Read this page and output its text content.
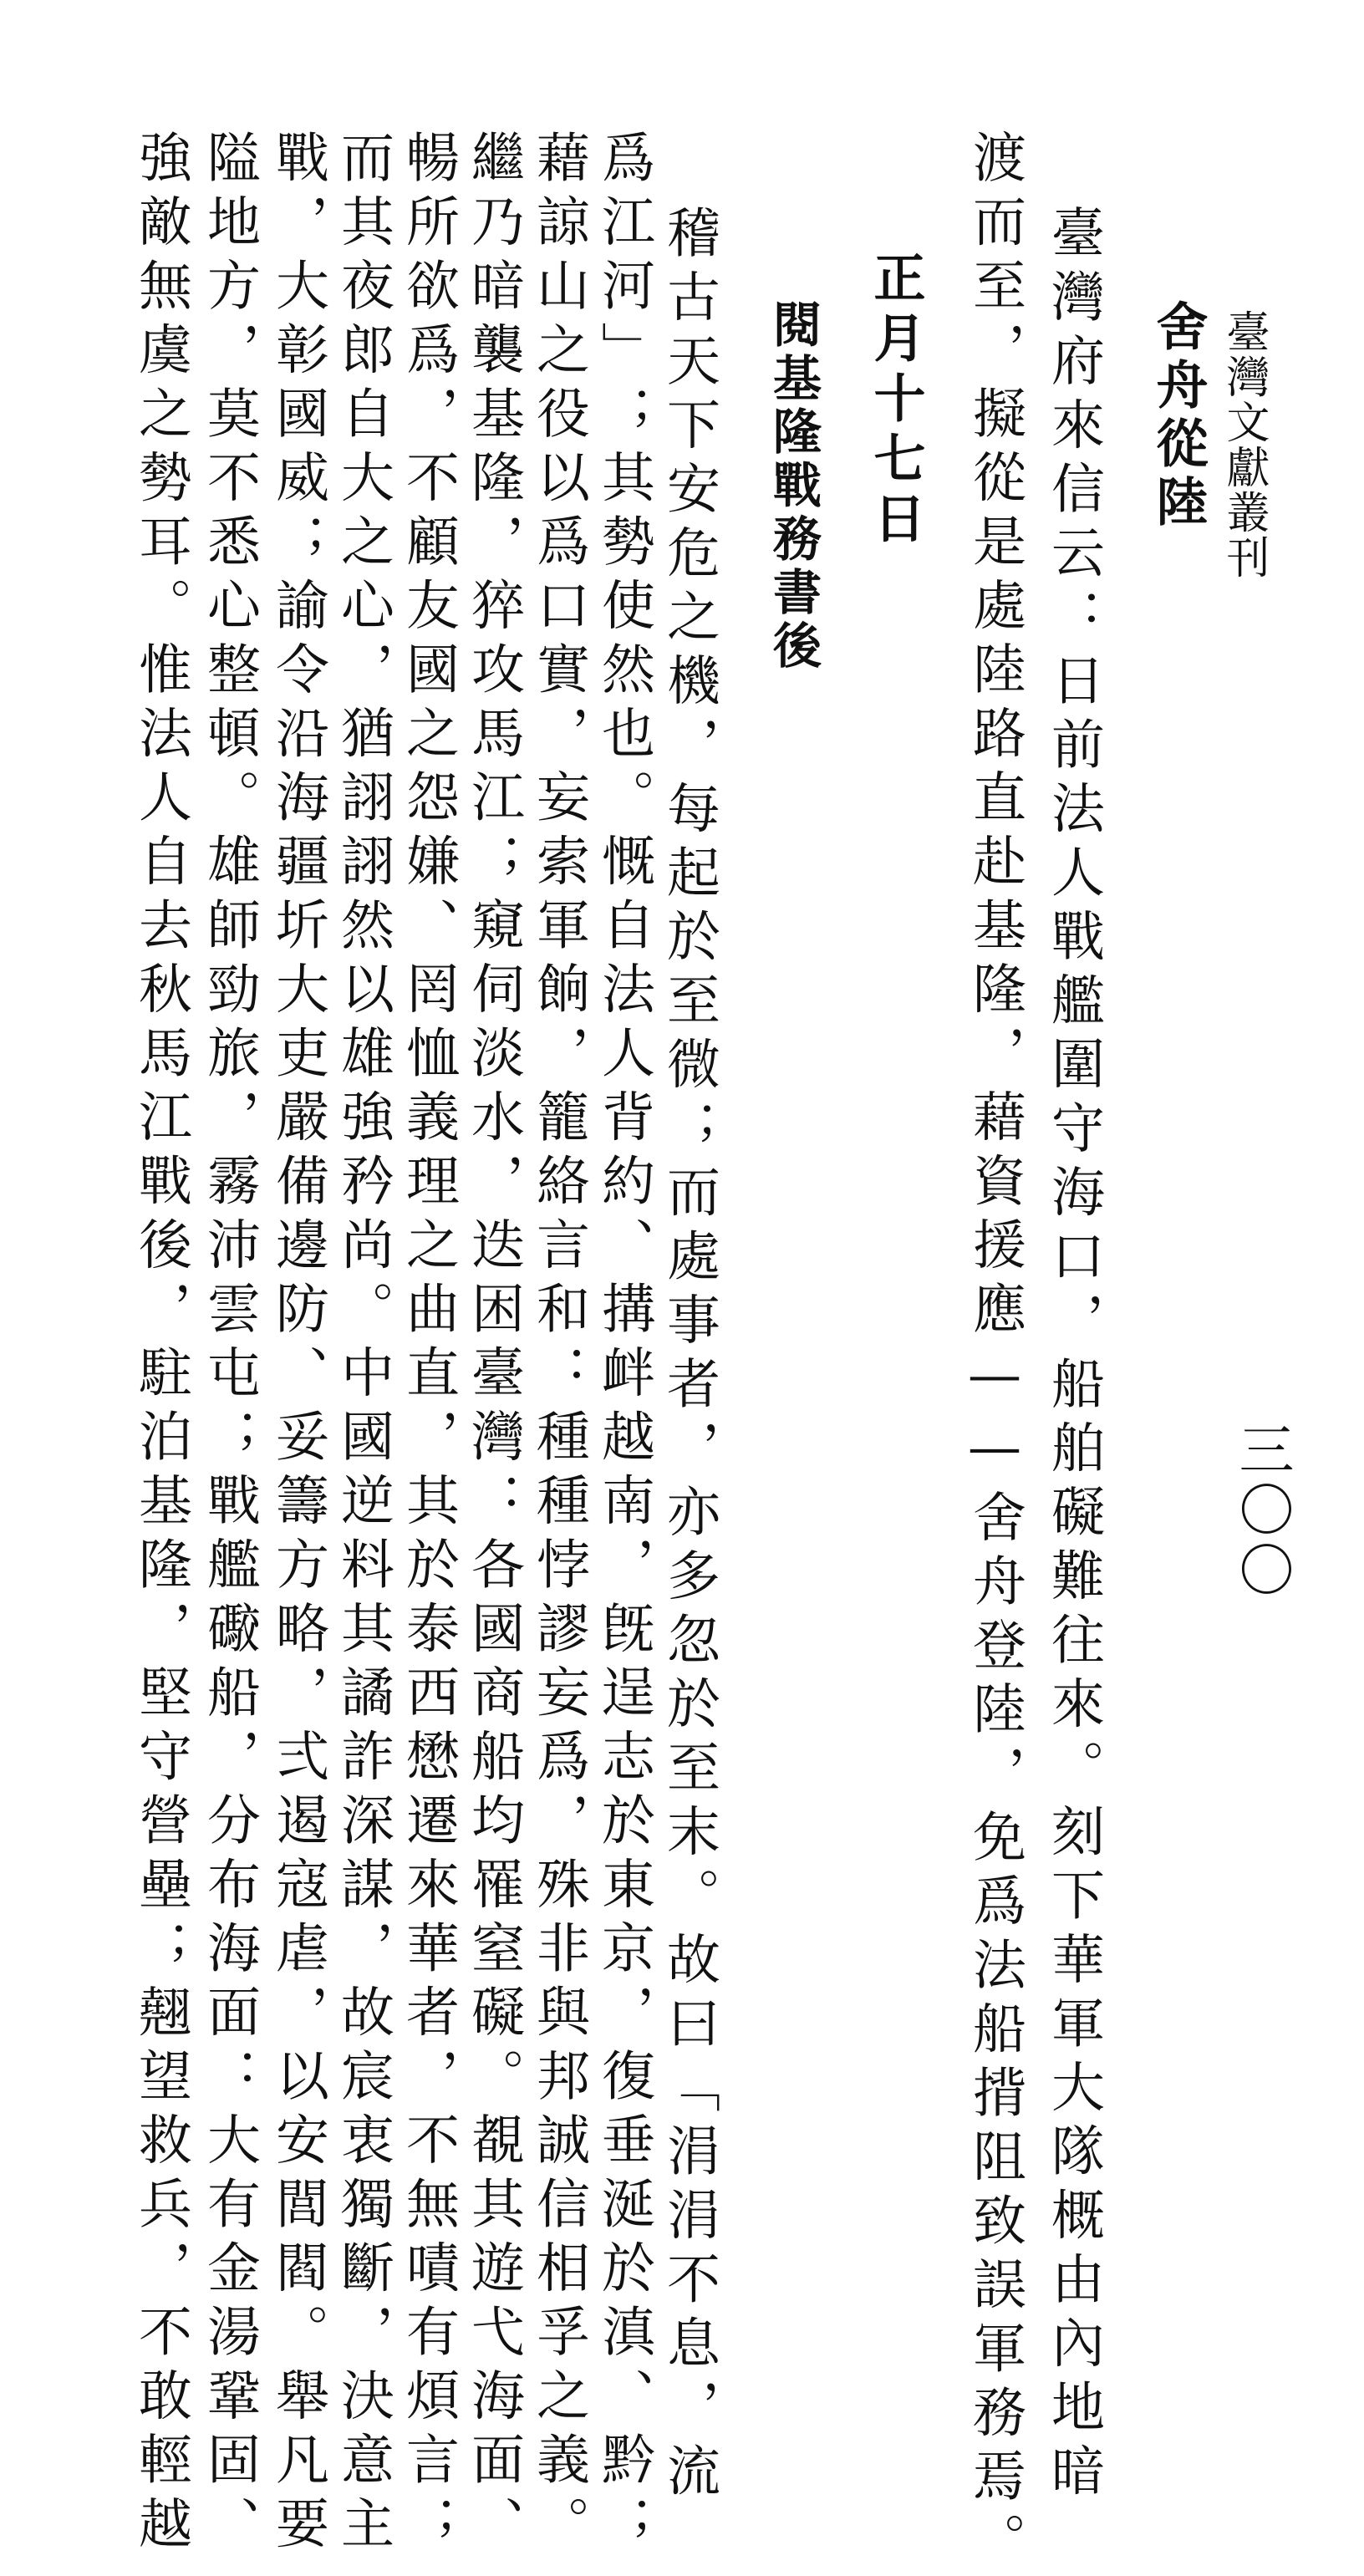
臺灣文獻叢刊
三〇〇
舍舟從陸
臺灣府來信云：日前法人戰艦圍守海口，船舶礙難往來。刻下華軍大隊概由內地暗
渡而至，擬從是處陸路直赴基隆，藉資援應——舍舟登陸，免爲法船揹阻致誤軍務焉。
正月十七日
閱基隆戰務書後
稽古天下安危之機，每起於至微；而處事者，亦多忽於至末。故曰「涓涓不息，流
爲江河」；其勢使然也。慨自法人背約、搆衅越南，旣逞志於東京，復垂涎於滇、黔；
藉諒山之役以爲口實，妄索軍餉，籠絡言和：種種悖謬妄爲，殊非與邦誠信相孚之義。
繼乃暗襲基隆，猝攻馬江；窺伺淡水，迭困臺灣：各國商船均罹窒礙。覩其遊弋海面、
暢所欲爲，不顧友國之怨嫌、罔恤義理之曲直，其於泰西懋遷來華者，不無嘖有煩言；
而其夜郎自大之心，猶詡詡然以雄強矜尚。中國逆料其譎詐深謀，故宸衷獨斷，決意主
戰，大彰國威；諭令沿海疆圻大吏嚴備邊防、妥籌方略，弍遏寇虐，以安閭閻。舉凡要
隘地方，莫不悉心整頓。雄師勁旅，霧沛雲屯；戰艦礮船，分布海面：大有金湯鞏固、
強敵無虞之勢耳。惟法人自去秋馬江戰後，駐泊基隆，堅守營壘；翹望救兵，不敢輕越
